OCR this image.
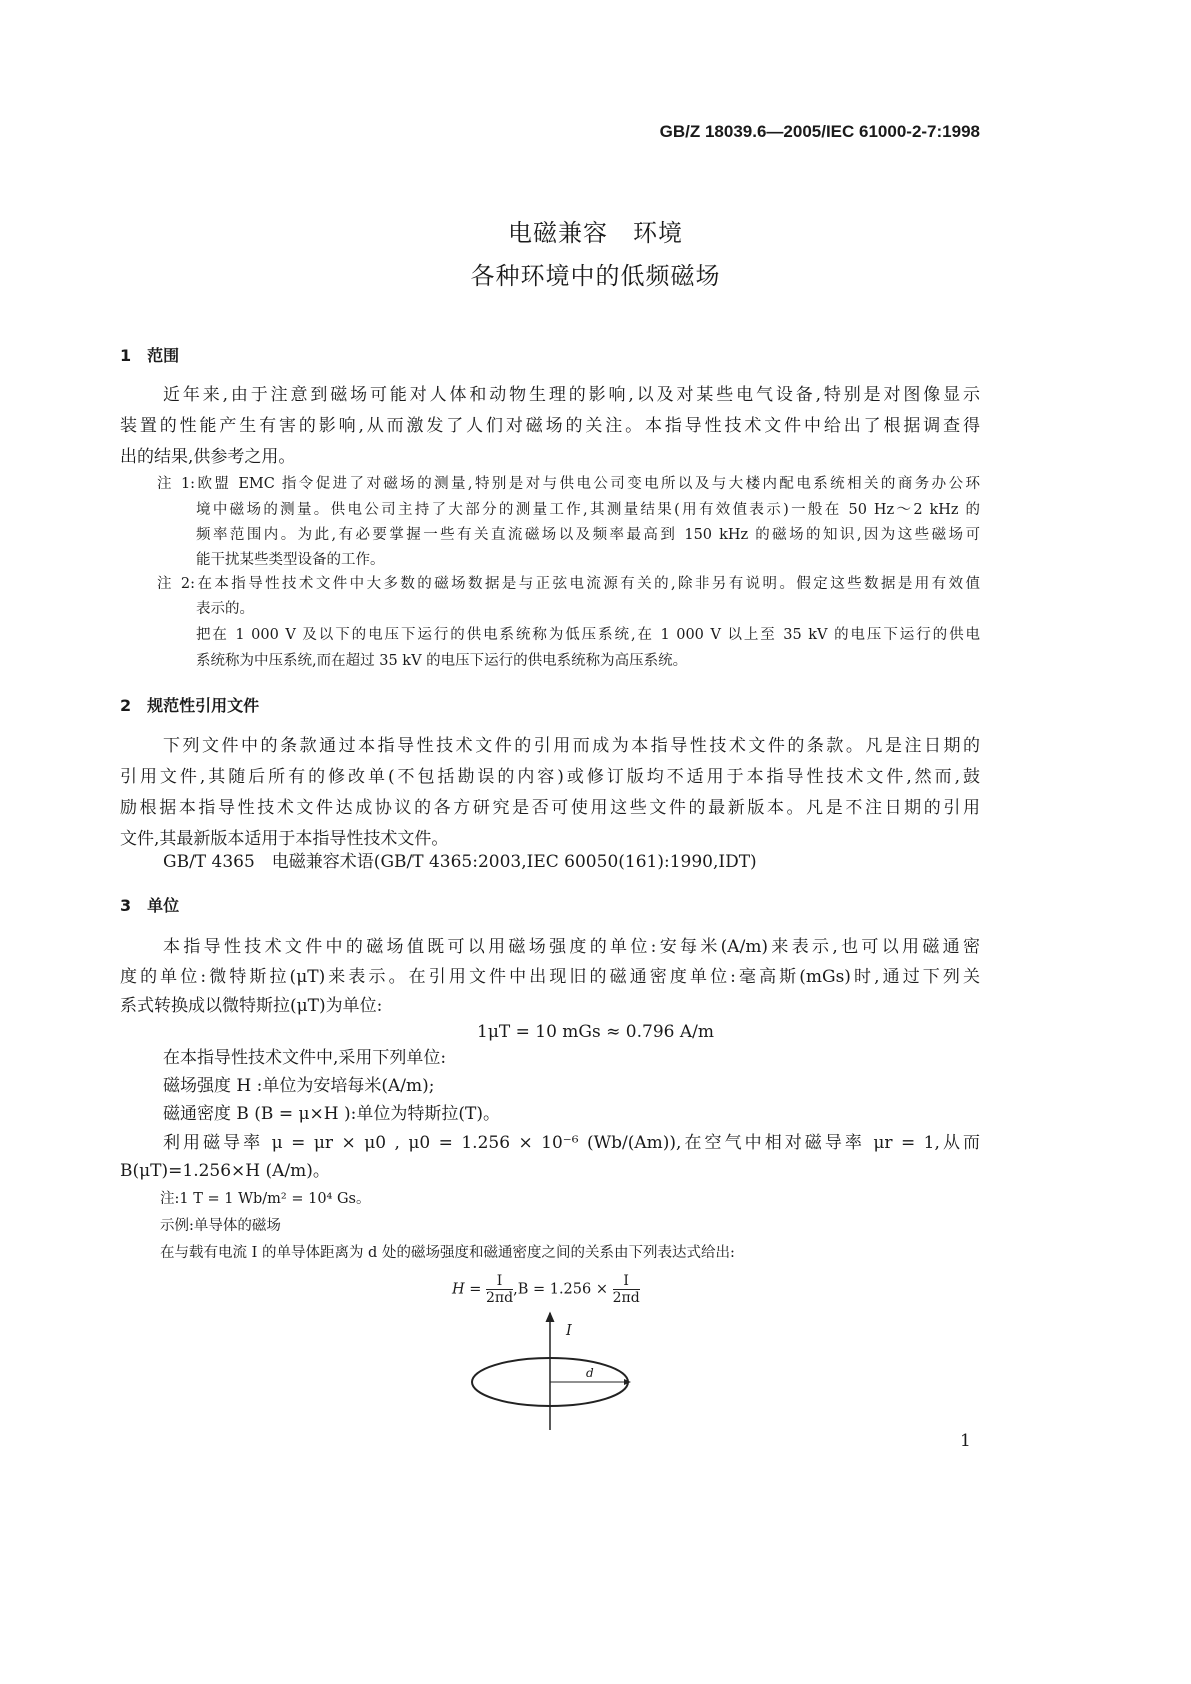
GB/Z 18039.6—2005/IEC 61000-2-7:1998
电磁兼容　环境
各种环境中的低频磁场
1　范围
近年来,由于注意到磁场可能对人体和动物生理的影响,以及对某些电气设备,特别是对图像显示
装置的性能产生有害的影响,从而激发了人们对磁场的关注。本指导性技术文件中给出了根据调查得
出的结果,供参考之用。
注 1:欧盟 EMC 指令促进了对磁场的测量,特别是对与供电公司变电所以及与大楼内配电系统相关的商务办公环
境中磁场的测量。供电公司主持了大部分的测量工作,其测量结果(用有效值表示)一般在 50 Hz～2 kHz 的
频率范围内。为此,有必要掌握一些有关直流磁场以及频率最高到 150 kHz 的磁场的知识,因为这些磁场可
能干扰某些类型设备的工作。
注 2:在本指导性技术文件中大多数的磁场数据是与正弦电流源有关的,除非另有说明。假定这些数据是用有效值
表示的。
把在 1 000 V 及以下的电压下运行的供电系统称为低压系统,在 1 000 V 以上至 35 kV 的电压下运行的供电
系统称为中压系统,而在超过 35 kV 的电压下运行的供电系统称为高压系统。
2　规范性引用文件
下列文件中的条款通过本指导性技术文件的引用而成为本指导性技术文件的条款。凡是注日期的
引用文件,其随后所有的修改单(不包括勘误的内容)或修订版均不适用于本指导性技术文件,然而,鼓
励根据本指导性技术文件达成协议的各方研究是否可使用这些文件的最新版本。凡是不注日期的引用
文件,其最新版本适用于本指导性技术文件。
GB/T 4365　电磁兼容术语(GB/T 4365:2003,IEC 60050(161):1990,IDT)
3　单位
本指导性技术文件中的磁场值既可以用磁场强度的单位:安每米(A/m)来表示,也可以用磁通密
度的单位:微特斯拉(μT)来表示。在引用文件中出现旧的磁通密度单位:毫高斯(mGs)时,通过下列关
系式转换成以微特斯拉(μT)为单位:
1μT = 10 mGs ≈ 0.796 A/m
在本指导性技术文件中,采用下列单位:
磁场强度 H :单位为安培每米(A/m);
磁通密度 B (B = μ×H ):单位为特斯拉(T)。
利用磁导率 μ = μr × μ0 , μ0 = 1.256 × 10⁻⁶ (Wb/(Am)),在空气中相对磁导率 μr = 1,从而
B(μT)=1.256×H (A/m)。
注:1 T = 1 Wb/m² = 10⁴ Gs。
示例:单导体的磁场
在与载有电流 I 的单导体距离为 d 处的磁场强度和磁通密度之间的关系由下列表达式给出:
$H = \frac{I}{2\pi d} ,B = 1.256 \times \frac{I}{2\pi d}$
I
d
1
